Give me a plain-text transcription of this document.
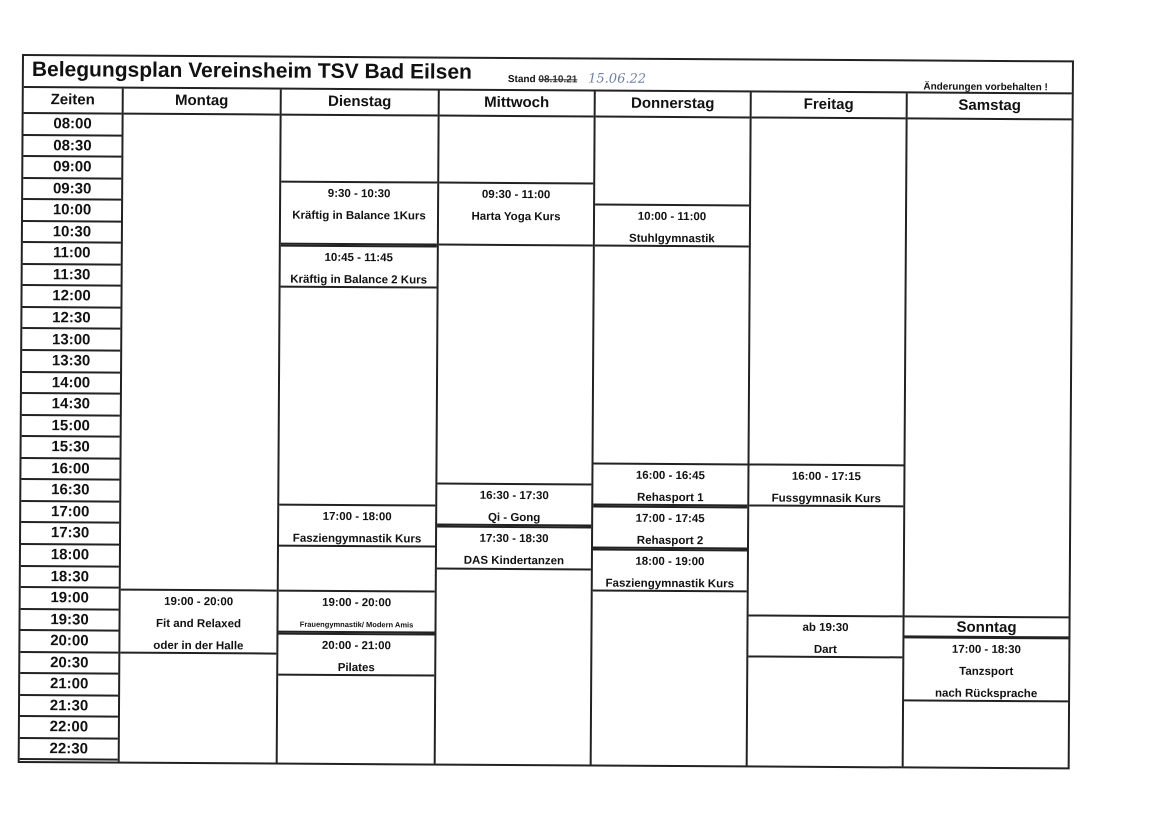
Belegungsplan Vereinsheim TSV Bad Eilsen	Stand 08.10.21 15.06.22
Änderungen vorbehalten !
Zeiten
08:00
08:30
09:00
09:30
10:00
10:30
11:00
11:30
12:00
12:30
13:00
13:30
14:00
14:30
15:00
15:30
16:00
16:30
17:00
17:30
18:00
18:30
19:00
19:30
20:00
20:30
21:00
21:30
22:00
22:30
Montag
19:00 - 20:00
Fit and Relaxed
oder in der Halle
Dienstag
9:30 - 10:30
Kräftig in Balance 1Kurs
10:45 - 11:45
Kräftig in Balance 2 Kurs
17:00 - 18:00
Fasziengymnastik Kurs
19:00 - 20:00
Frauengymnastik/ Modern Amis
20:00 - 21:00
Pilates
Mittwoch
09:30 - 11:00
Harta Yoga Kurs
16:30 - 17:30
Qi - Gong
17:30 - 18:30
DAS Kindertanzen
Donnerstag
10:00 - 11:00
Stuhlgymnastik
16:00 - 16:45
Rehasport 1
17:00 - 17:45
Rehasport 2
18:00 - 19:00
Fasziengymnastik Kurs
Freitag
16:00 - 17:15
Fussgymnasik Kurs
ab 19:30
Dart
Samstag
Sonntag
17:00 - 18:30
Tanzsport
nach Rücksprache
